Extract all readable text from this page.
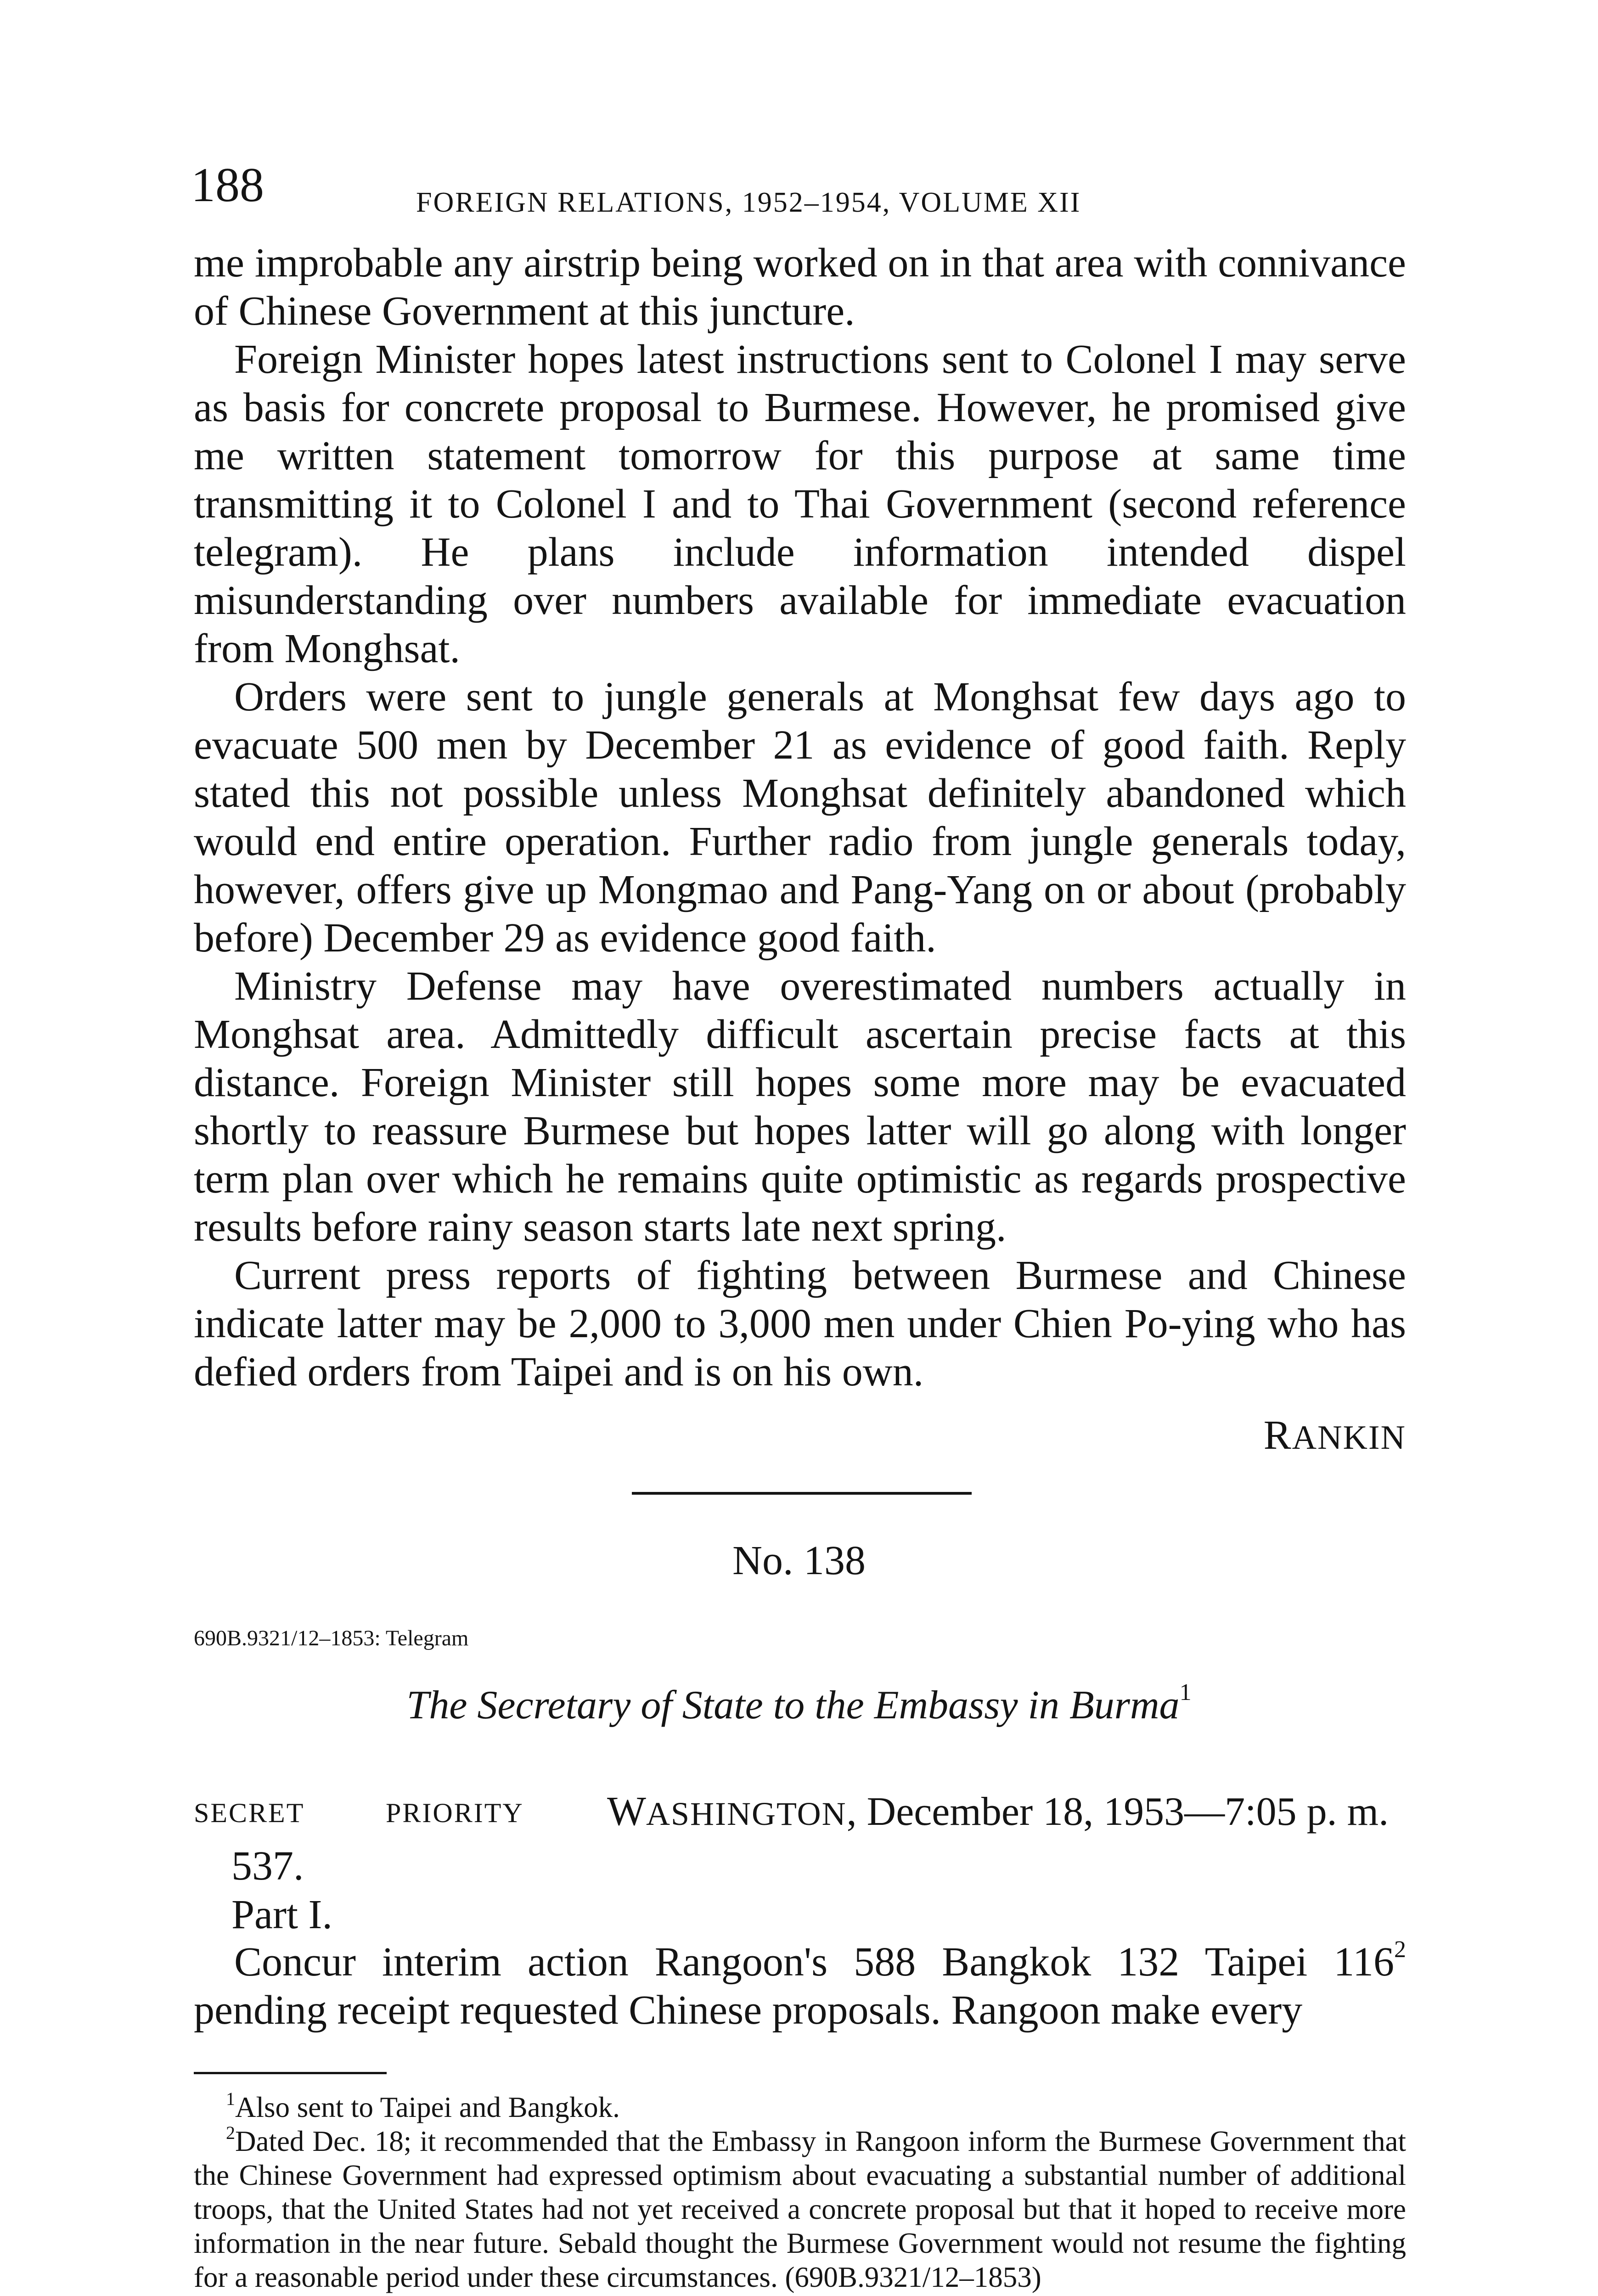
188	FOREIGN RELATIONS, 1952–1954, VOLUME XII

me improbable any airstrip being worked on in that area with connivance of Chinese Government at this juncture.

Foreign Minister hopes latest instructions sent to Colonel I may serve as basis for concrete proposal to Burmese. However, he promised give me written statement tomorrow for this purpose at same time transmitting it to Colonel I and to Thai Government (second reference telegram). He plans include information intended dispel misunderstanding over numbers available for immediate evacuation from Monghsat.

Orders were sent to jungle generals at Monghsat few days ago to evacuate 500 men by December 21 as evidence of good faith. Reply stated this not possible unless Monghsat definitely abandoned which would end entire operation. Further radio from jungle generals today, however, offers give up Mongmao and Pang-Yang on or about (probably before) December 29 as evidence good faith.

Ministry Defense may have overestimated numbers actually in Monghsat area. Admittedly difficult ascertain precise facts at this distance. Foreign Minister still hopes some more may be evacuated shortly to reassure Burmese but hopes latter will go along with longer term plan over which he remains quite optimistic as regards prospective results before rainy season starts late next spring.

Current press reports of fighting between Burmese and Chinese indicate latter may be 2,000 to 3,000 men under Chien Po-ying who has defied orders from Taipei and is on his own.

RANKIN
No. 138
690B.9321/12–1853: Telegram
The Secretary of State to the Embassy in Burma$^1$
SECRET	PRIORITY WASHINGTON, December 18, 1953—7:05 p. m.
537.
Part I.

Concur interim action Rangoon's 588 Bangkok 132 Taipei 116$^2$ pending receipt requested Chinese proposals. Rangoon make every

$^1$Also sent to Taipei and Bangkok.

$^2$Dated Dec. 18; it recommended that the Embassy in Rangoon inform the Burmese Government that the Chinese Government had expressed optimism about evacuating a substantial number of additional troops, that the United States had not yet received a concrete proposal but that it hoped to receive more information in the near future. Sebald thought the Burmese Government would not resume the fighting for a reasonable period under these circumstances. (690B.9321/12–1853)
